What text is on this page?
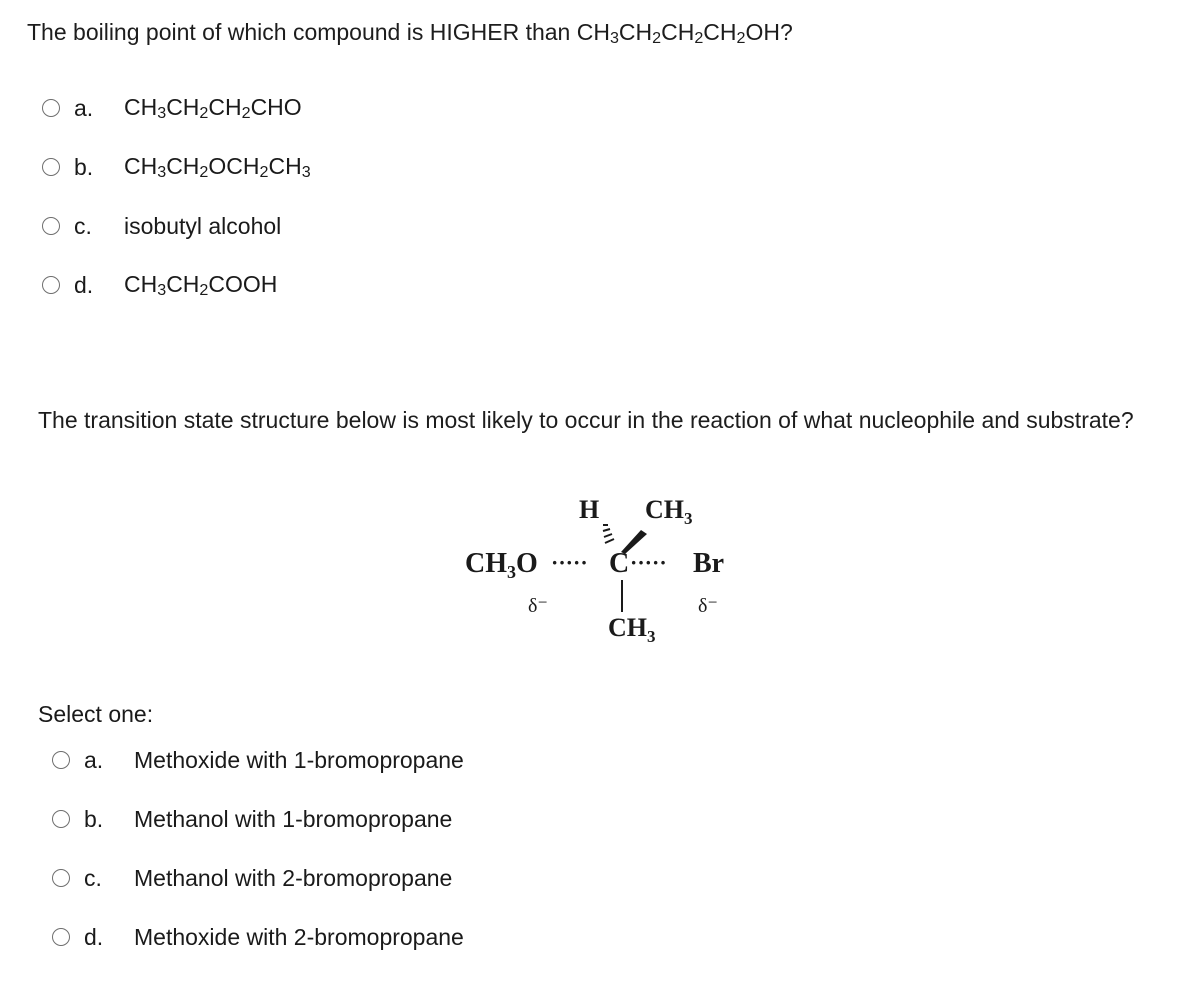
The boiling point of which compound is HIGHER than $CH_3CH_2CH_2CH_2OH$?
a.	$CH_3CH_2CH_2CHO$
b.	$CH_3CH_2OCH_2CH_3$
c.	isobutyl alcohol
d.	$CH_3CH_2COOH$
The transition state structure below is most likely to occur in the reaction of what nucleophile and substrate?
H $CH_3$
$CH_3O$ ····· C ····· Br
δ⁻	δ⁻
$CH_3$
Select one:
a.	Methoxide with 1-bromopropane
b.	Methanol with 1-bromopropane
c.	Methanol with 2-bromopropane
d.	Methoxide with 2-bromopropane
